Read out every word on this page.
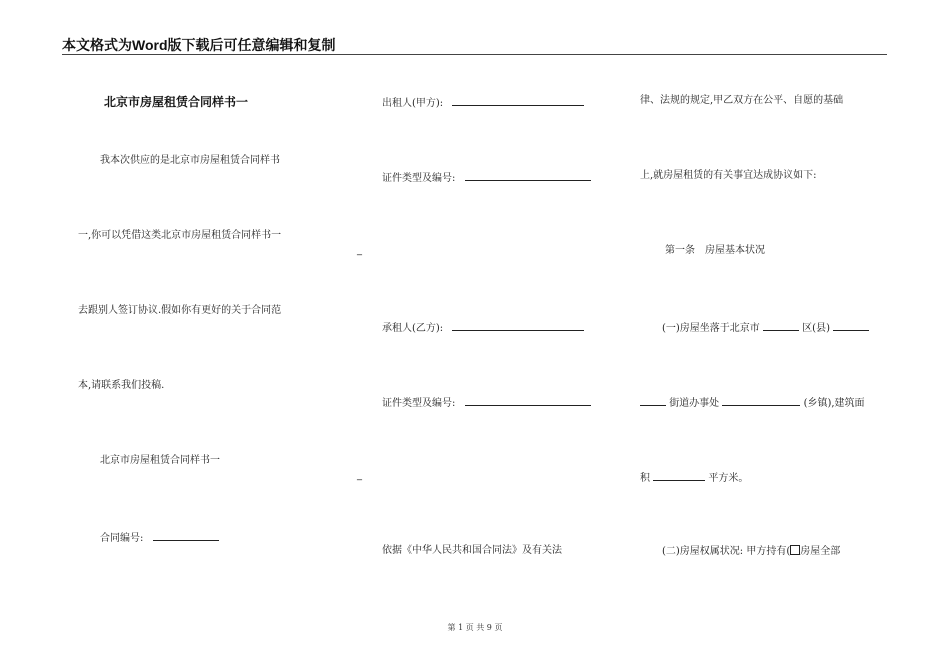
本文格式为Word版下载后可任意编辑和复制
北京市房屋租赁合同样书一
我本次供应的是北京市房屋租赁合同样书
一,你可以凭借这类北京市房屋租赁合同样书一
去跟别人签订协议.假如你有更好的关于合同范
本,请联系我们投稿.
北京市房屋租赁合同样书一
合同编号:
出租人(甲方):
证件类型及编号:
_
承租人(乙方):
证件类型及编号:
_
依据《中华人民共和国合同法》及有关法
律、法规的规定,甲乙双方在公平、自愿的基础
上,就房屋租赁的有关事宜达成协议如下:
第一条　房屋基本状况
(一)房屋坐落于北京市	区(县)
街道办事处	(乡镇),建筑面
积	平方米。
(二)房屋权属状况: 甲方持有( 房屋全部
第 1 页 共 9 页
